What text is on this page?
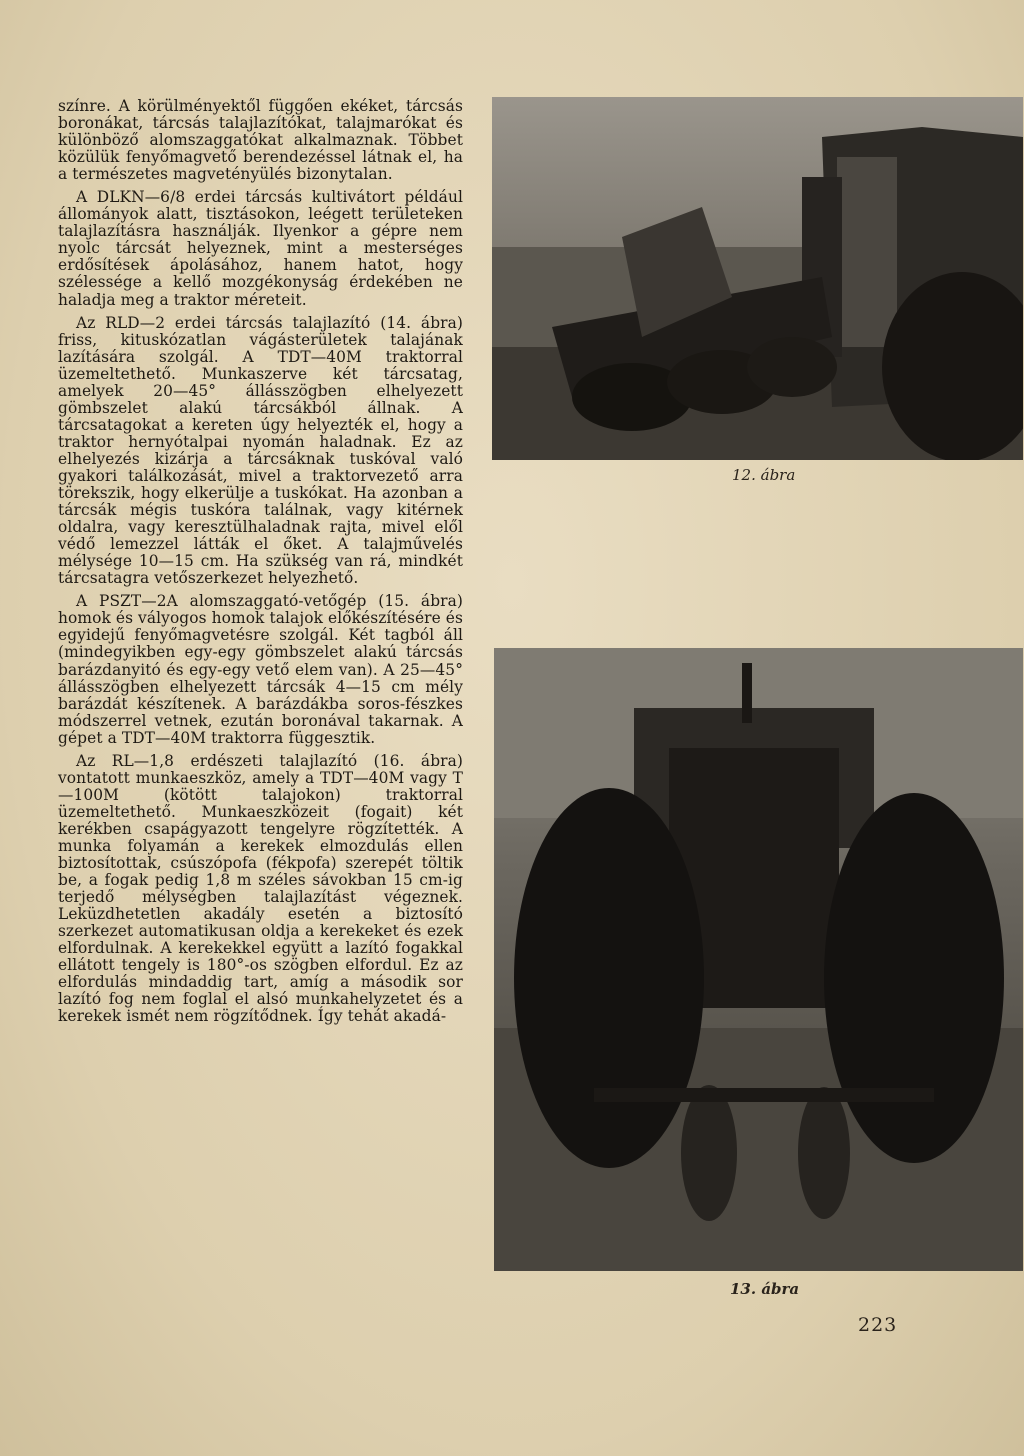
színre. A körülményektől függően ekéket, tárcsás boronákat, tárcsás talajlazítókat, talajmarókat és különböző alomszaggatókat alkalmaznak. Többet közülük fenyőmagvető berendezéssel látnak el, ha a természetes magvetényülés bizonytalan.

A DLKN—6/8 erdei tárcsás kultivátort például állományok alatt, tisztásokon, leégett területeken talajlazításra használják. Ilyenkor a gépre nem nyolc tárcsát helyeznek, mint a mesterséges erdősítések ápolásához, hanem hatot, hogy szélessége a kellő mozgékonyság érdekében ne haladja meg a traktor méreteit.

Az RLD—2 erdei tárcsás talajlazító (14. ábra) friss, kituskózatlan vágásterületek talajának lazítására szolgál. A TDT—40M traktorral üzemeltethető. Munkaszerve két tárcsatag, amelyek 20—45° állásszögben elhelyezett gömbszelet alakú tárcsákból állnak. A tárcsatagokat a kereten úgy helyezték el, hogy a traktor hernyótalpai nyomán haladnak. Ez az elhelyezés kizárja a tárcsáknak tuskóval való gyakori találkozását, mivel a traktorvezető arra törekszik, hogy elkerülje a tuskókat. Ha azonban a tárcsák mégis tuskóra találnak, vagy kitérnek oldalra, vagy keresztülhaladnak rajta, mivel elől védő lemezzel látták el őket. A talajművelés mélysége 10—15 cm. Ha szükség van rá, mindkét tárcsatagra vetőszerkezet helyezhető.

A PSZT—2A alomszaggató-vetőgép (15. ábra) homok és vályogos homok talajok előkészítésére és egyidejű fenyőmagvetésre szolgál. Két tagból áll (mindegyikben egy-egy gömbszelet alakú tárcsás barázdanyitó és egy-egy vető elem van). A 25—45° állásszögben elhelyezett tárcsák 4—15 cm mély barázdát készítenek. A barázdákba soros-fészkes módszerrel vetnek, ezután boronával takarnak. A gépet a TDT—40M traktorra függesztik.

Az RL—1,8 erdészeti talajlazító (16. ábra) vontatott munkaeszköz, amely a TDT—40M vagy T—100M (kötött talajokon) traktorral üzemeltethető. Munkaeszközeit (fogait) két kerékben csapágyazott tengelyre rögzítették. A munka folyamán a kerekek elmozdulás ellen biztosítottak, csúszópofa (fékpofa) szerepét töltik be, a fogak pedig 1,8 m széles sávokban 15 cm-ig terjedő mélységben talajlazítást végeznek. Leküzdhetetlen akadály esetén a biztosító szerkezet automatikusan oldja a kerekeket és ezek elfordulnak. A kerekekkel együtt a lazító fogakkal ellátott tengely is 180°-os szögben elfordul. Ez az elfordulás mindaddig tart, amíg a második sor lazító fog nem foglal el alsó munkahelyzetet és a kerekek ismét nem rögzítődnek. Így tehát akadá-

12. ábra
13. ábra
223
